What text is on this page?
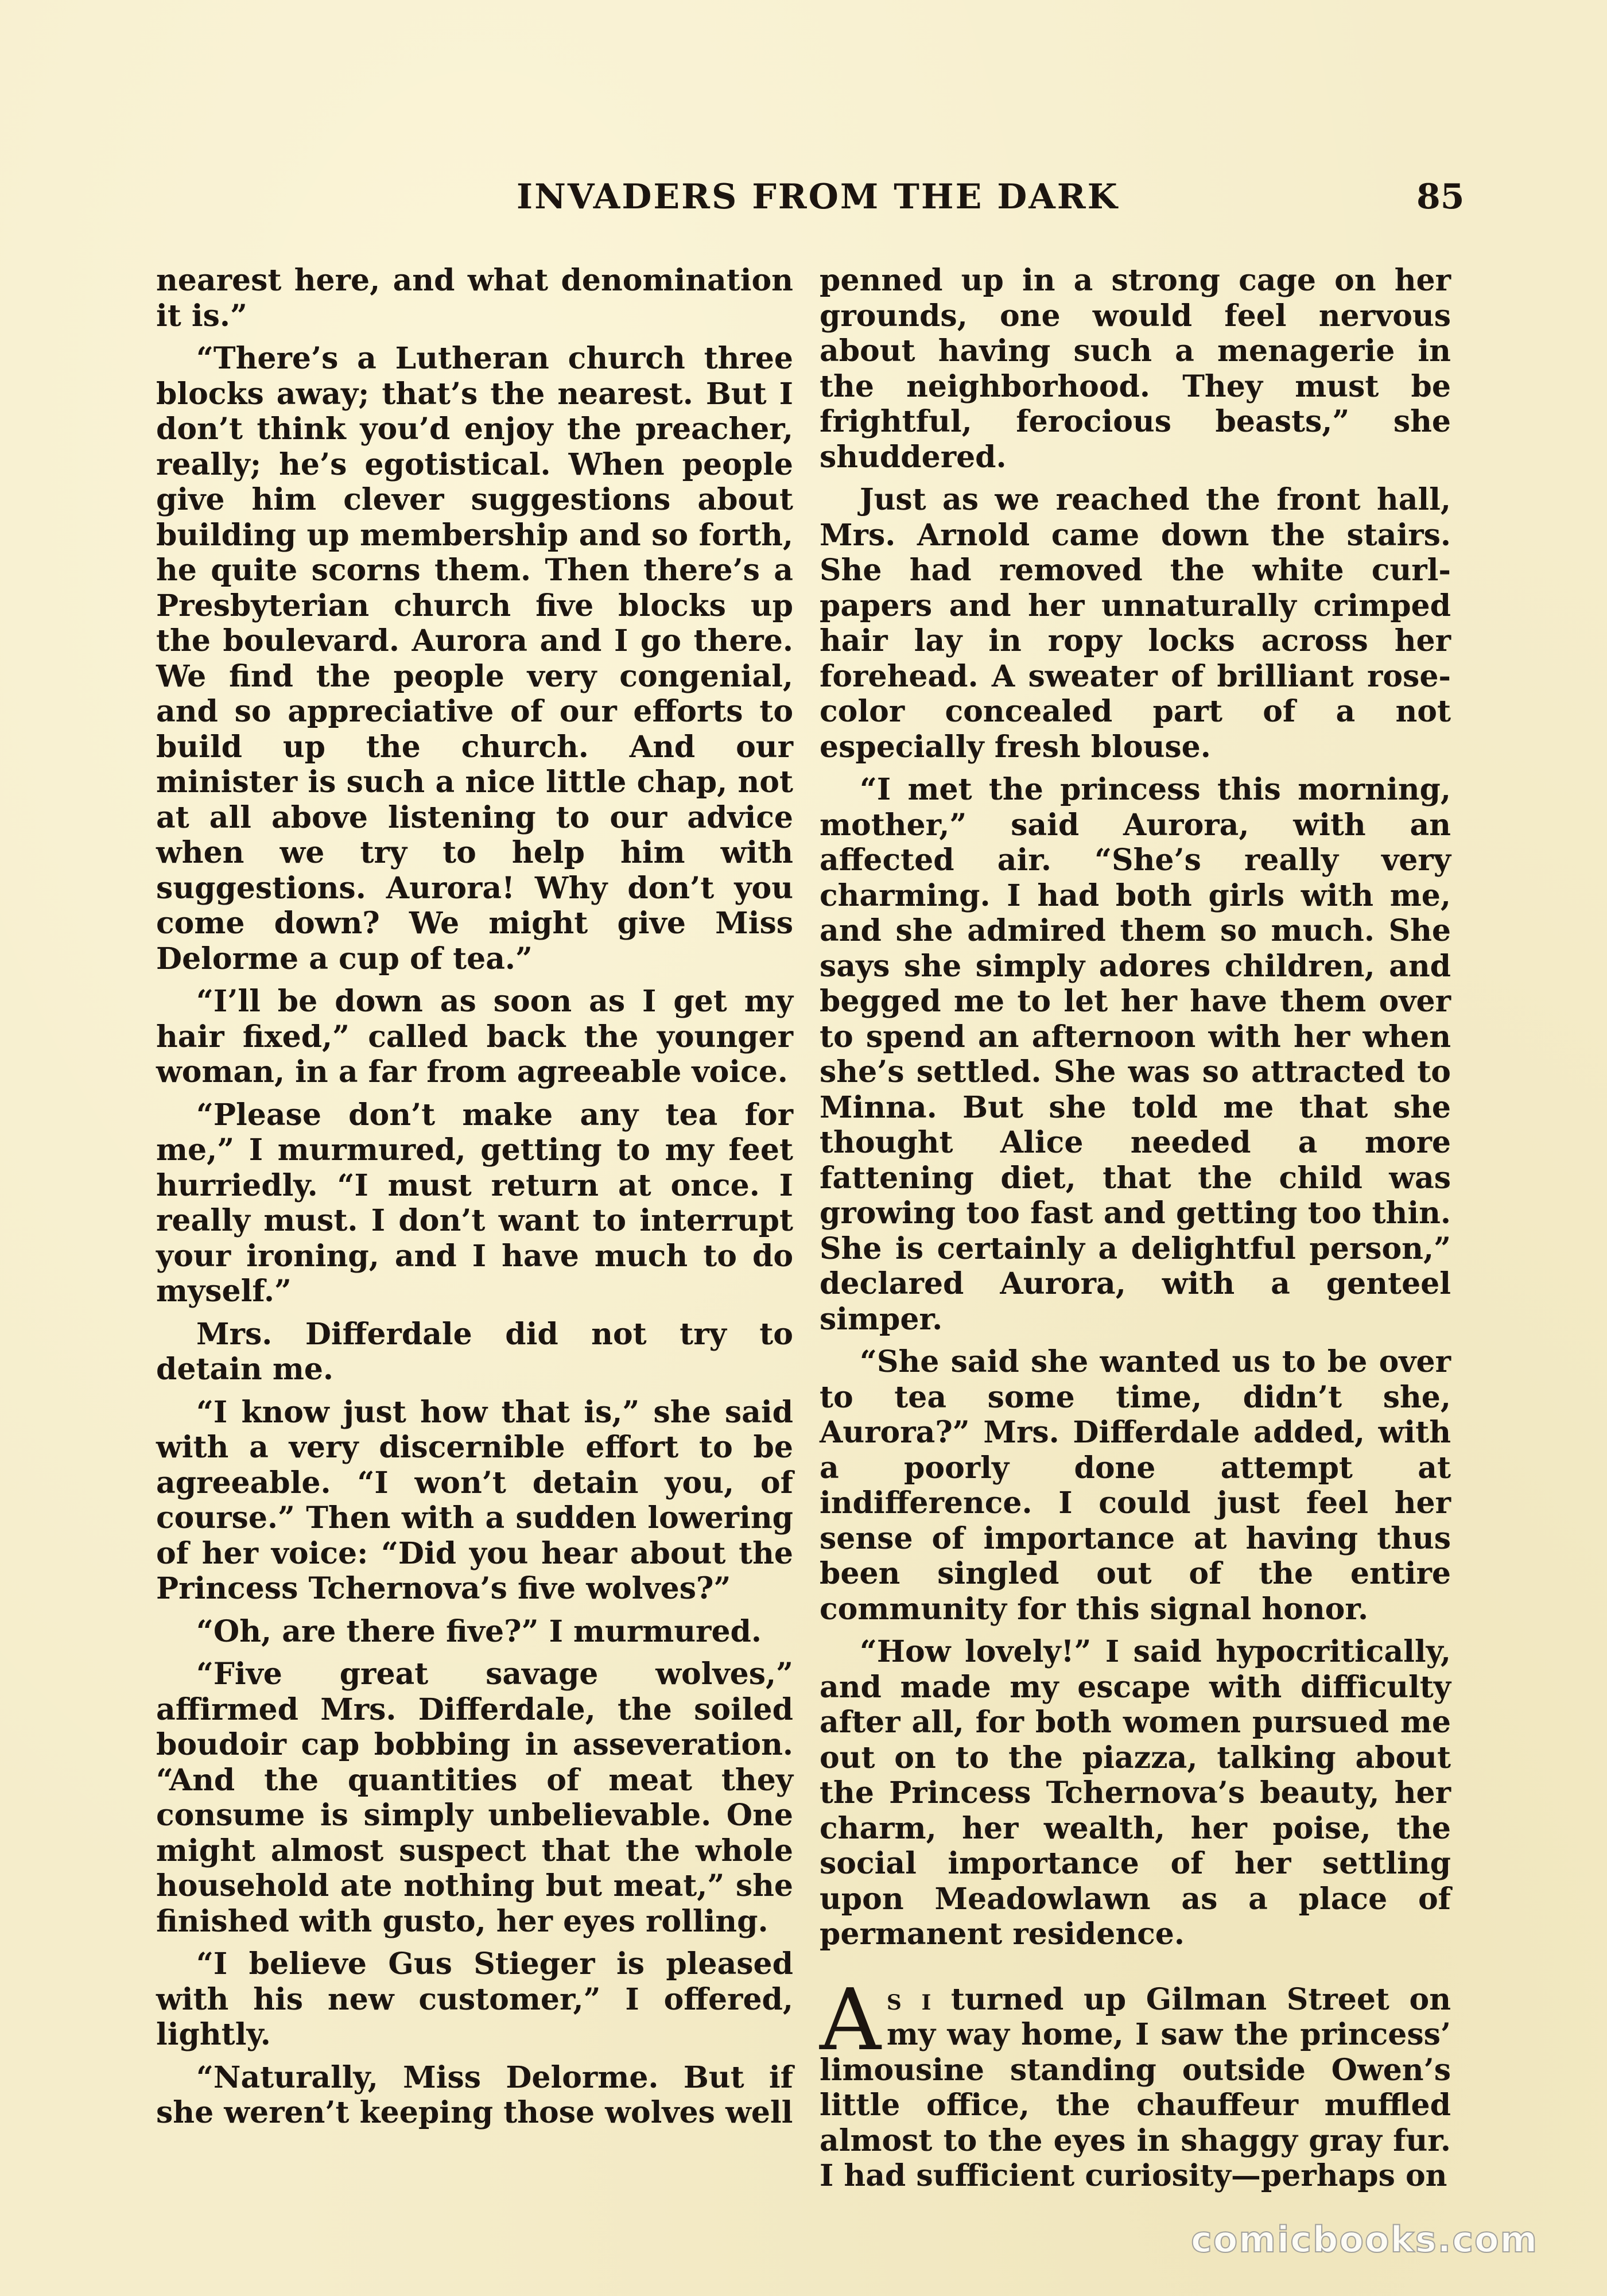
INVADERS FROM THE DARK	85

nearest here, and what denomination it is.”

“There’s a Lutheran church three blocks away; that’s the nearest. But I don’t think you’d enjoy the preacher, really; he’s egotistical. When people give him clever suggestions about building up membership and so forth, he quite scorns them. Then there’s a Presbyterian church five blocks up the boulevard. Aurora and I go there. We find the people very congenial, and so appreciative of our efforts to build up the church. And our minister is such a nice little chap, not at all above listening to our advice when we try to help him with suggestions. Aurora! Why don’t you come down? We might give Miss Delorme a cup of tea.”

“I’ll be down as soon as I get my hair fixed,” called back the younger woman, in a far from agreeable voice.

“Please don’t make any tea for me,” I murmured, getting to my feet hurriedly. “I must return at once. I really must. I don’t want to interrupt your ironing, and I have much to do myself.”

Mrs. Differdale did not try to detain me.

“I know just how that is,” she said with a very discernible effort to be agreeable. “I won’t detain you, of course.” Then with a sudden lowering of her voice: “Did you hear about the Princess Tchernova’s five wolves?”

“Oh, are there five?” I murmured.

“Five great savage wolves,” affirmed Mrs. Differdale, the soiled boudoir cap bobbing in asseveration. “And the quantities of meat they consume is simply unbelievable. One might almost suspect that the whole household ate nothing but meat,” she finished with gusto, her eyes rolling.

“I believe Gus Stieger is pleased with his new customer,” I offered, lightly.

“Naturally, Miss Delorme. But if she weren’t keeping those wolves well

penned up in a strong cage on her grounds, one would feel nervous about having such a menagerie in the neighborhood. They must be frightful, ferocious beasts,” she shuddered.

Just as we reached the front hall, Mrs. Arnold came down the stairs. She had removed the white curl-papers and her unnaturally crimped hair lay in ropy locks across her forehead. A sweater of brilliant rose-color concealed part of a not especially fresh blouse.

“I met the princess this morning, mother,” said Aurora, with an affected air. “She’s really very charming. I had both girls with me, and she admired them so much. She says she simply adores children, and begged me to let her have them over to spend an afternoon with her when she’s settled. She was so attracted to Minna. But she told me that she thought Alice needed a more fattening diet, that the child was growing too fast and getting too thin. She is certainly a delightful person,” declared Aurora, with a genteel simper.

“She said she wanted us to be over to tea some time, didn’t she, Aurora?” Mrs. Differdale added, with a poorly done attempt at indifference. I could just feel her sense of importance at having thus been singled out of the entire community for this signal honor.

“How lovely!” I said hypocritically, and made my escape with difficulty after all, for both women pursued me out on to the piazza, talking about the Princess Tchernova’s beauty, her charm, her wealth, her poise, the social importance of her settling upon Meadowlawn as a place of permanent residence.

As i turned up Gilman Street on my way home, I saw the princess’ limousine standing outside Owen’s little office, the chauffeur muffled almost to the eyes in shaggy gray fur. I had sufficient curiosity—perhaps on

comicbooks.com
